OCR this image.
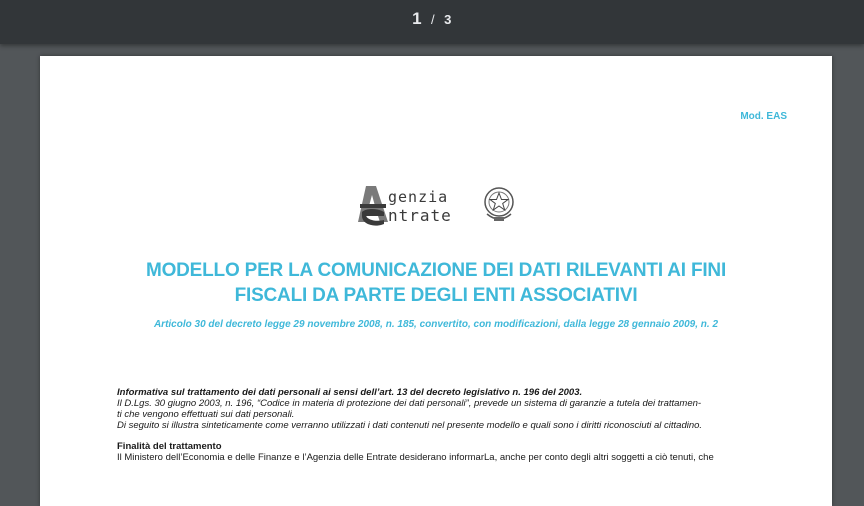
1 / 3
Mod. EAS
genzia
ntrate
MODELLO PER LA COMUNICAZIONE DEI DATI RILEVANTI AI FINI
FISCALI DA PARTE DEGLI ENTI ASSOCIATIVI
Articolo 30 del decreto legge 29 novembre 2008, n. 185, convertito, con modificazioni, dalla legge 28 gennaio 2009, n. 2

Informativa sul trattamento dei dati personali ai sensi dell’art. 13 del decreto legislativo n. 196 del 2003.

Il D.Lgs. 30 giugno 2003, n. 196, “Codice in materia di protezione dei dati personali”, prevede un sistema di garanzie a tutela dei trattamen-

ti che vengono effettuati sui dati personali.

Di seguito si illustra sinteticamente come verranno utilizzati i dati contenuti nel presente modello e quali sono i diritti riconosciuti al cittadino.

Finalità del trattamento

Il Ministero dell’Economia e delle Finanze e l’Agenzia delle Entrate desiderano informarLa, anche per conto degli altri soggetti a ciò tenuti, che
